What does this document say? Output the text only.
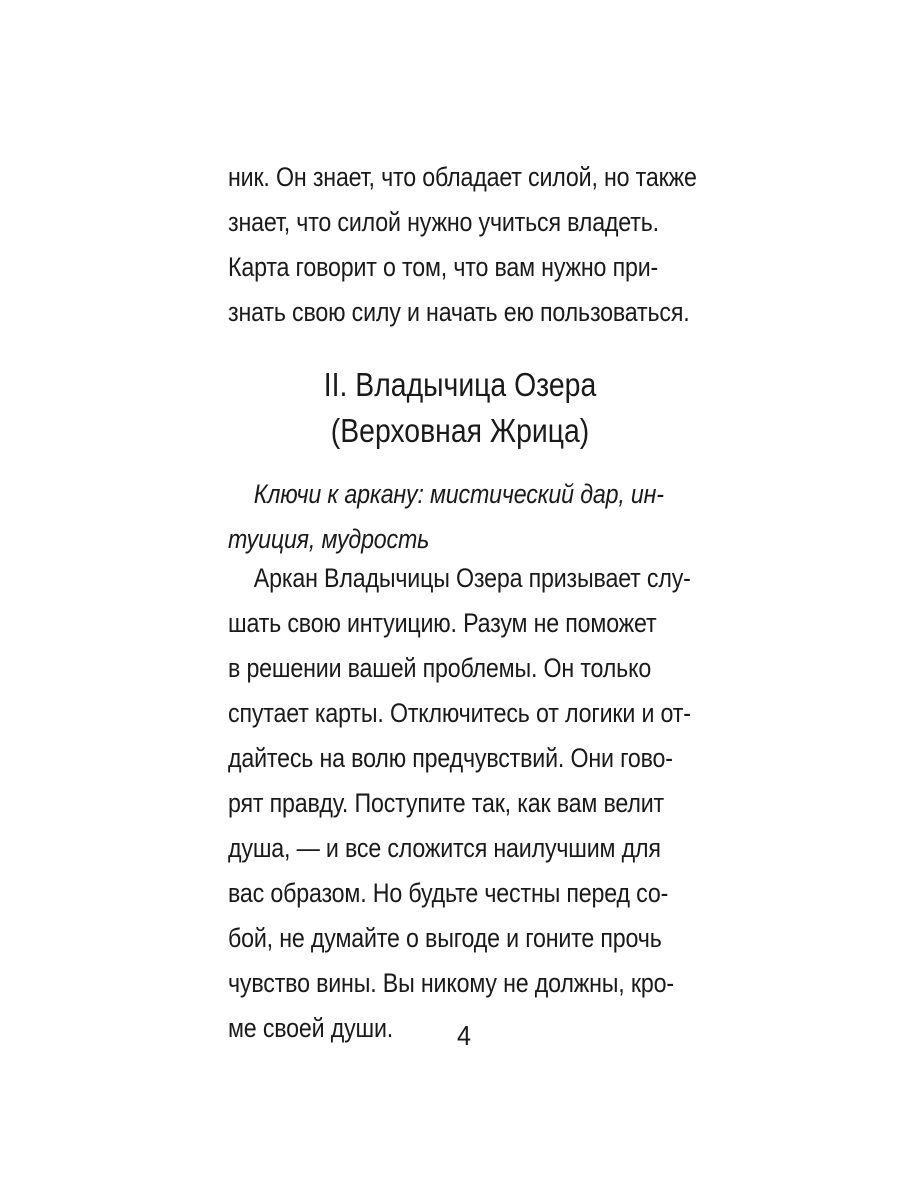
ник. Он знает, что обладает силой, но также
знает, что силой нужно учиться владеть.
Карта говорит о том, что вам нужно при-
знать свою силу и начать ею пользоваться.
II. Владычица Озера
(Верховная Жрица)
Ключи к аркану: мистический дар, ин-
туиция, мудрость
Аркан Владычицы Озера призывает слу-
шать свою интуицию. Разум не поможет
в решении вашей проблемы. Он только
спутает карты. Отключитесь от логики и от-
дайтесь на волю предчувствий. Они гово-
рят правду. Поступите так, как вам велит
душа, — и все сложится наилучшим для
вас образом. Но будьте честны перед со-
бой, не думайте о выгоде и гоните прочь
чувство вины. Вы никому не должны, кро-
ме своей души.	4
